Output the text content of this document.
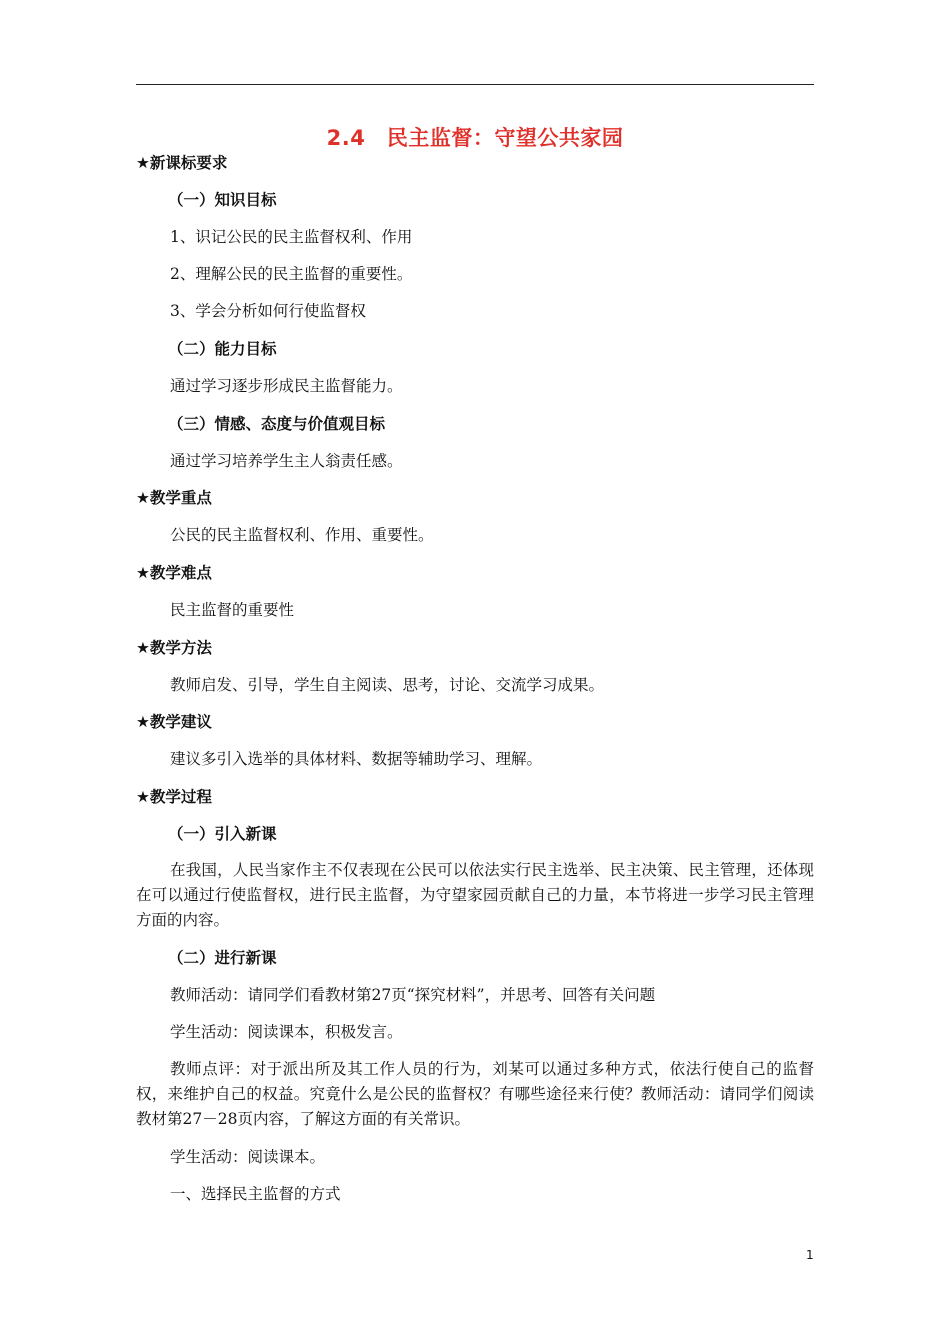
2.4　民主监督：守望公共家园
★新课标要求
（一）知识目标
1、识记公民的民主监督权利、作用
2、理解公民的民主监督的重要性。
3、学会分析如何行使监督权
（二）能力目标
通过学习逐步形成民主监督能力。
（三）情感、态度与价值观目标
通过学习培养学生主人翁责任感。
★教学重点
公民的民主监督权利、作用、重要性。
★教学难点
民主监督的重要性
★教学方法
教师启发、引导，学生自主阅读、思考，讨论、交流学习成果。
★教学建议
建议多引入选举的具体材料、数据等辅助学习、理解。
★教学过程
（一）引入新课
在我国，人民当家作主不仅表现在公民可以依法实行民主选举、民主决策、民主管理，还体现在可以通过行使监督权，进行民主监督，为守望家园贡献自己的力量，本节将进一步学习民主管理方面的内容。
（二）进行新课
教师活动：请同学们看教材第27页“探究材料”，并思考、回答有关问题
学生活动：阅读课本，积极发言。
教师点评：对于派出所及其工作人员的行为，刘某可以通过多种方式，依法行使自己的监督权，来维护自己的权益。究竟什么是公民的监督权？有哪些途径来行使？教师活动：请同学们阅读教材第27－28页内容，了解这方面的有关常识。
学生活动：阅读课本。
一、选择民主监督的方式
1
